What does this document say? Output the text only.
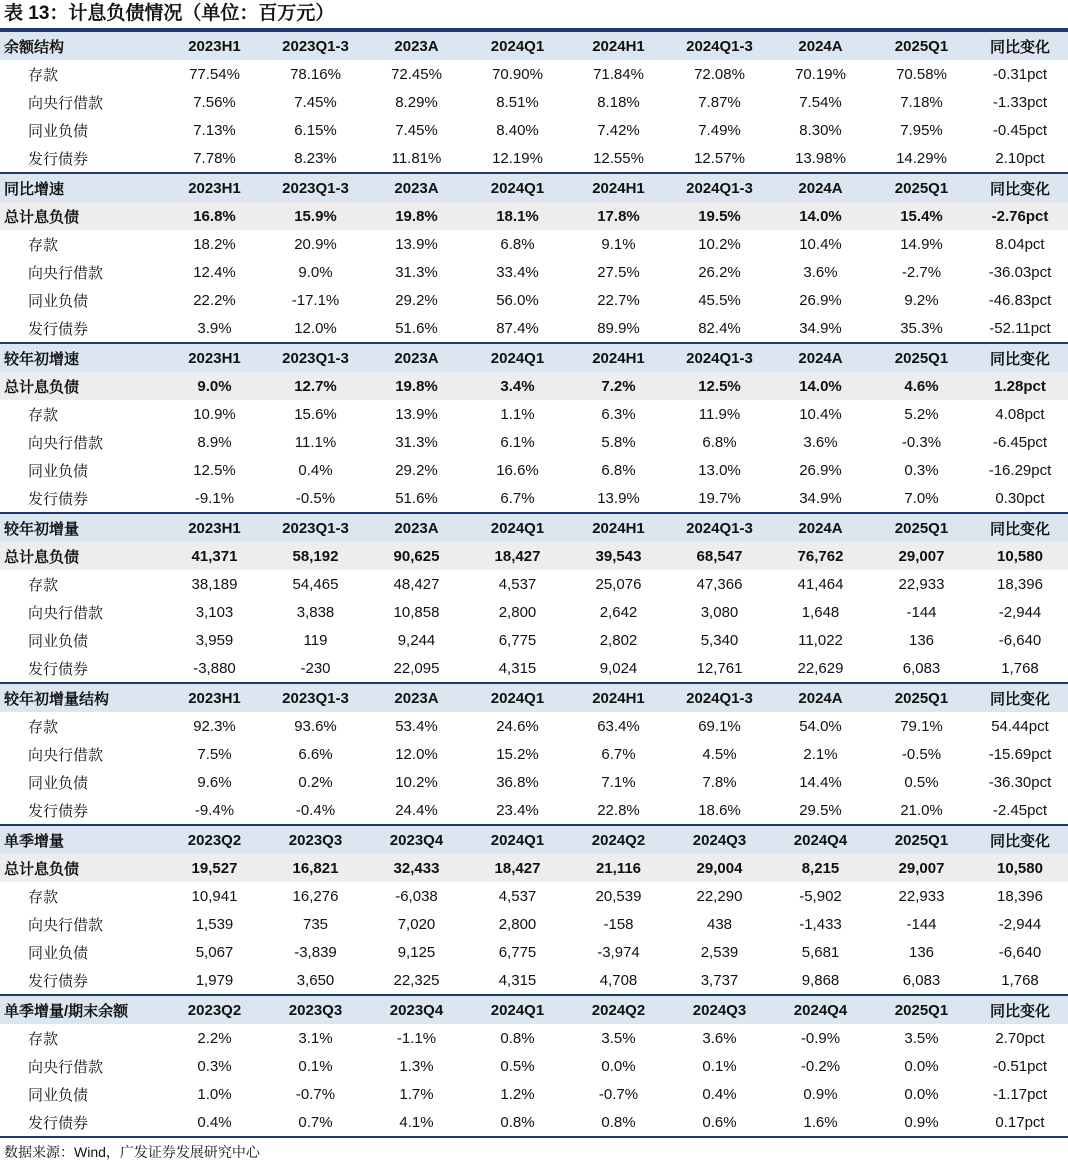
表 13：计息负债情况（单位：百万元）
余额结构	2023H1	2023Q1-3	2023A	2024Q1	2024H1	2024Q1-3	2024A	2025Q1	同比变化
存款	77.54%	78.16%	72.45%	70.90%	71.84%	72.08%	70.19%	70.58%	-0.31pct
向央行借款	7.56%	7.45%	8.29%	8.51%	8.18%	7.87%	7.54%	7.18%	-1.33pct
同业负债	7.13%	6.15%	7.45%	8.40%	7.42%	7.49%	8.30%	7.95%	-0.45pct
发行债券	7.78%	8.23%	11.81%	12.19%	12.55%	12.57%	13.98%	14.29%	2.10pct
同比增速	2023H1	2023Q1-3	2023A	2024Q1	2024H1	2024Q1-3	2024A	2025Q1	同比变化
总计息负债	16.8%	15.9%	19.8%	18.1%	17.8%	19.5%	14.0%	15.4%	-2.76pct
存款	18.2%	20.9%	13.9%	6.8%	9.1%	10.2%	10.4%	14.9%	8.04pct
向央行借款	12.4%	9.0%	31.3%	33.4%	27.5%	26.2%	3.6%	-2.7%	-36.03pct
同业负债	22.2%	-17.1%	29.2%	56.0%	22.7%	45.5%	26.9%	9.2%	-46.83pct
发行债券	3.9%	12.0%	51.6%	87.4%	89.9%	82.4%	34.9%	35.3%	-52.11pct
较年初增速	2023H1	2023Q1-3	2023A	2024Q1	2024H1	2024Q1-3	2024A	2025Q1	同比变化
总计息负债	9.0%	12.7%	19.8%	3.4%	7.2%	12.5%	14.0%	4.6%	1.28pct
存款	10.9%	15.6%	13.9%	1.1%	6.3%	11.9%	10.4%	5.2%	4.08pct
向央行借款	8.9%	11.1%	31.3%	6.1%	5.8%	6.8%	3.6%	-0.3%	-6.45pct
同业负债	12.5%	0.4%	29.2%	16.6%	6.8%	13.0%	26.9%	0.3%	-16.29pct
发行债券	-9.1%	-0.5%	51.6%	6.7%	13.9%	19.7%	34.9%	7.0%	0.30pct
较年初增量	2023H1	2023Q1-3	2023A	2024Q1	2024H1	2024Q1-3	2024A	2025Q1	同比变化
总计息负债	41,371	58,192	90,625	18,427	39,543	68,547	76,762	29,007	10,580
存款	38,189	54,465	48,427	4,537	25,076	47,366	41,464	22,933	18,396
向央行借款	3,103	3,838	10,858	2,800	2,642	3,080	1,648	-144	-2,944
同业负债	3,959	119	9,244	6,775	2,802	5,340	11,022	136	-6,640
发行债券	-3,880	-230	22,095	4,315	9,024	12,761	22,629	6,083	1,768
较年初增量结构	2023H1	2023Q1-3	2023A	2024Q1	2024H1	2024Q1-3	2024A	2025Q1	同比变化
存款	92.3%	93.6%	53.4%	24.6%	63.4%	69.1%	54.0%	79.1%	54.44pct
向央行借款	7.5%	6.6%	12.0%	15.2%	6.7%	4.5%	2.1%	-0.5%	-15.69pct
同业负债	9.6%	0.2%	10.2%	36.8%	7.1%	7.8%	14.4%	0.5%	-36.30pct
发行债券	-9.4%	-0.4%	24.4%	23.4%	22.8%	18.6%	29.5%	21.0%	-2.45pct
单季增量	2023Q2	2023Q3	2023Q4	2024Q1	2024Q2	2024Q3	2024Q4	2025Q1	同比变化
总计息负债	19,527	16,821	32,433	18,427	21,116	29,004	8,215	29,007	10,580
存款	10,941	16,276	-6,038	4,537	20,539	22,290	-5,902	22,933	18,396
向央行借款	1,539	735	7,020	2,800	-158	438	-1,433	-144	-2,944
同业负债	5,067	-3,839	9,125	6,775	-3,974	2,539	5,681	136	-6,640
发行债券	1,979	3,650	22,325	4,315	4,708	3,737	9,868	6,083	1,768
单季增量/期末余额	2023Q2	2023Q3	2023Q4	2024Q1	2024Q2	2024Q3	2024Q4	2025Q1	同比变化
存款	2.2%	3.1%	-1.1%	0.8%	3.5%	3.6%	-0.9%	3.5%	2.70pct
向央行借款	0.3%	0.1%	1.3%	0.5%	0.0%	0.1%	-0.2%	0.0%	-0.51pct
同业负债	1.0%	-0.7%	1.7%	1.2%	-0.7%	0.4%	0.9%	0.0%	-1.17pct
发行债券	0.4%	0.7%	4.1%	0.8%	0.8%	0.6%	1.6%	0.9%	0.17pct
数据来源：Wind，广发证券发展研究中心
